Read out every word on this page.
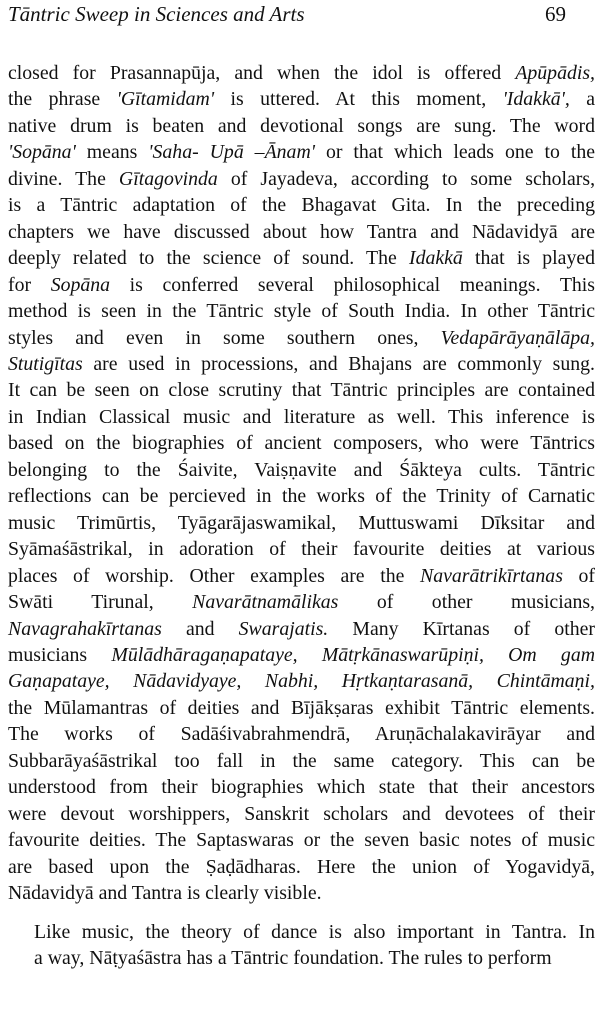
Tāntric Sweep in Sciences and Arts	69

closed for Prasannapūja, and when the idol is offered Apūpādis,
the phrase 'Gītamidam' is uttered. At this moment, 'Idakkā', a
native drum is beaten and devotional songs are sung. The word
'Sopāna' means 'Saha- Upā –Ānam' or that which leads one to the
divine. The Gītagovinda of Jayadeva, according to some scholars,
is a Tāntric adaptation of the Bhagavat Gita. In the preceding
chapters we have discussed about how Tantra and Nādavidyā are
deeply related to the science of sound. The Idakkā that is played
for Sopāna is conferred several philosophical meanings. This
method is seen in the Tāntric style of South India. In other Tāntric
styles and even in some southern ones, Vedapārāyaṇālāpa,
Stutigītas are used in processions, and Bhajans are commonly sung.
It can be seen on close scrutiny that Tāntric principles are contained
in Indian Classical music and literature as well. This inference is
based on the biographies of ancient composers, who were Tāntrics
belonging to the Śaivite, Vaiṣṇavite and Śākteya cults. Tāntric
reflections can be percieved in the works of the Trinity of Carnatic
music Trimūrtis, Tyāgarājaswamikal, Muttuswami Dīksitar and
Syāmaśāstrikal, in adoration of their favourite deities at various
places of worship. Other examples are the Navarātrikīrtanas of
Swāti Tirunal, Navarātnamālikas of other musicians,
Navagrahakīrtanas and Swarajatis. Many Kīrtanas of other
musicians Mūlādhāragaṇapataye, Mātṛkānaswarūpiṇi, Om gam
Gaṇapataye, Nādavidyaye, Nabhi, Hṛtkaṇtarasanā, Chintāmaṇi,
the Mūlamantras of deities and Bījākṣaras exhibit Tāntric elements.
The works of Sadāśivabrahmendrā, Aruṇāchalakavirāyar and
Subbarāyaśāstrikal too fall in the same category. This can be
understood from their biographies which state that their ancestors
were devout worshippers, Sanskrit scholars and devotees of their
favourite deities. The Saptaswaras or the seven basic notes of music
are based upon the Ṣaḍādharas. Here the union of Yogavidyā,
Nādavidyā and Tantra is clearly visible.

Like music, the theory of dance is also important in Tantra. In
a way, Nāṭyaśāstra has a Tāntric foundation. The rules to perform
